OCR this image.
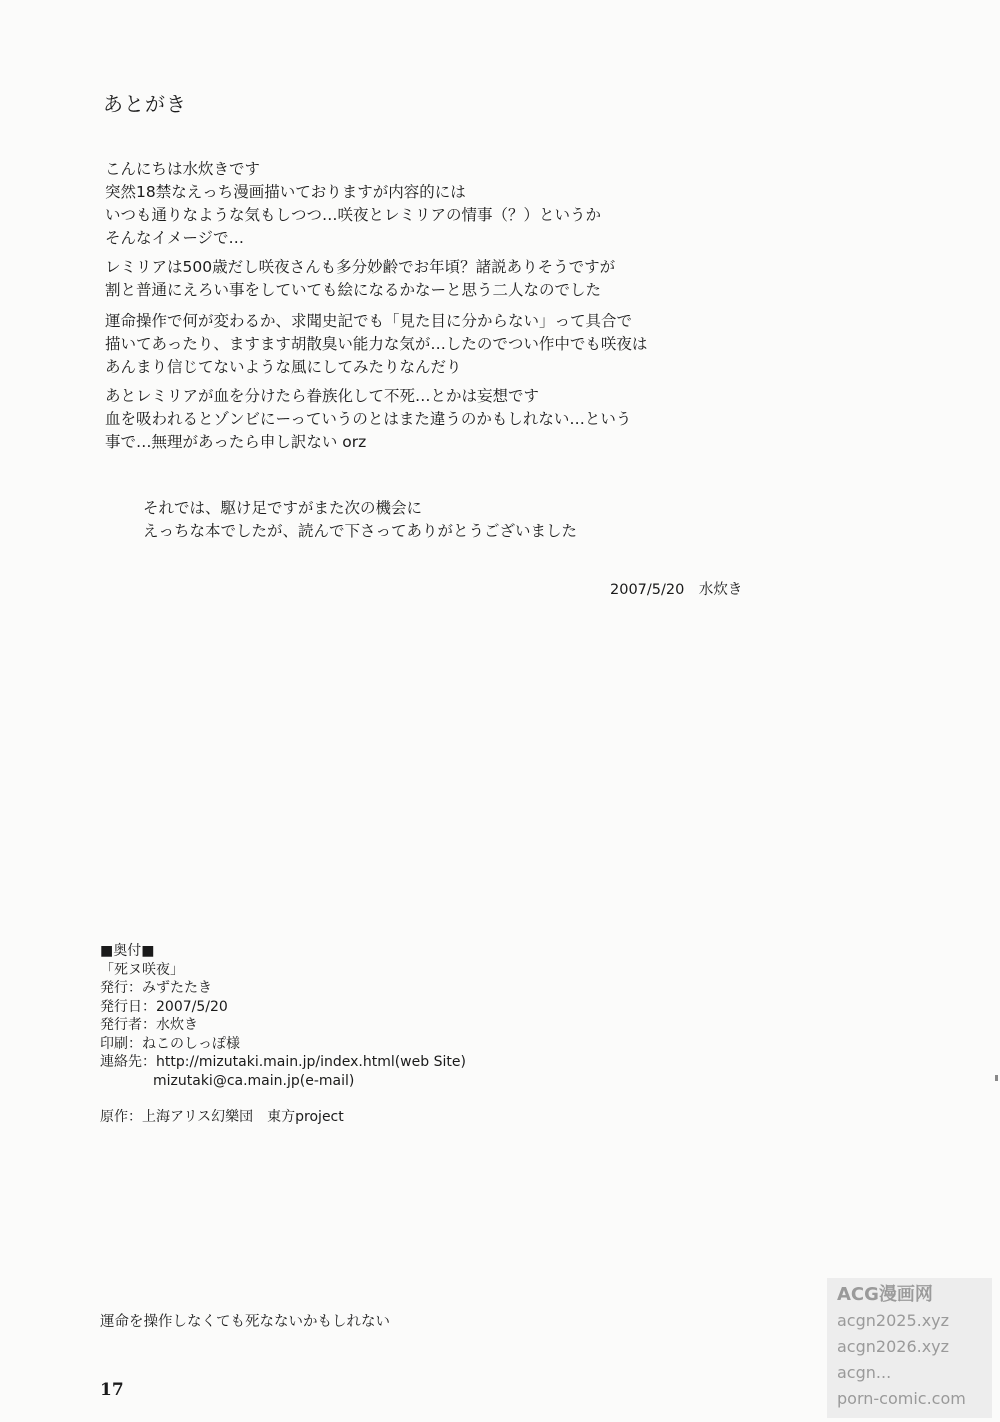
あとがき
こんにちは水炊きです
突然18禁なえっち漫画描いておりますが内容的には
いつも通りなような気もしつつ…咲夜とレミリアの情事（？）というか
そんなイメージで…
レミリアは500歳だし咲夜さんも多分妙齢でお年頃？諸説ありそうですが
割と普通にえろい事をしていても絵になるかなーと思う二人なのでした
運命操作で何が変わるか、求聞史記でも「見た目に分からない」って具合で
描いてあったり、ますます胡散臭い能力な気が…したのでつい作中でも咲夜は
あんまり信じてないような風にしてみたりなんだり
あとレミリアが血を分けたら眷族化して不死…とかは妄想です
血を吸われるとゾンビにーっていうのとはまた違うのかもしれない…という
事で…無理があったら申し訳ない orz
それでは、駆け足ですがまた次の機会に
えっちな本でしたが、読んで下さってありがとうございました
2007/5/20　水炊き
■奥付■
「死ヌ咲夜」
発行：みずたたき
発行日：2007/5/20
発行者：水炊き
印刷：ねこのしっぽ様
連絡先：http://mizutaki.main.jp/index.html(web Site)
mizutaki@ca.main.jp(e-mail)
原作：上海アリス幻樂団　東方project
運命を操作しなくても死なないかもしれない
17
ACG漫画网
acgn2025.xyz
acgn2026.xyz
acgn...
porn-comic.com
